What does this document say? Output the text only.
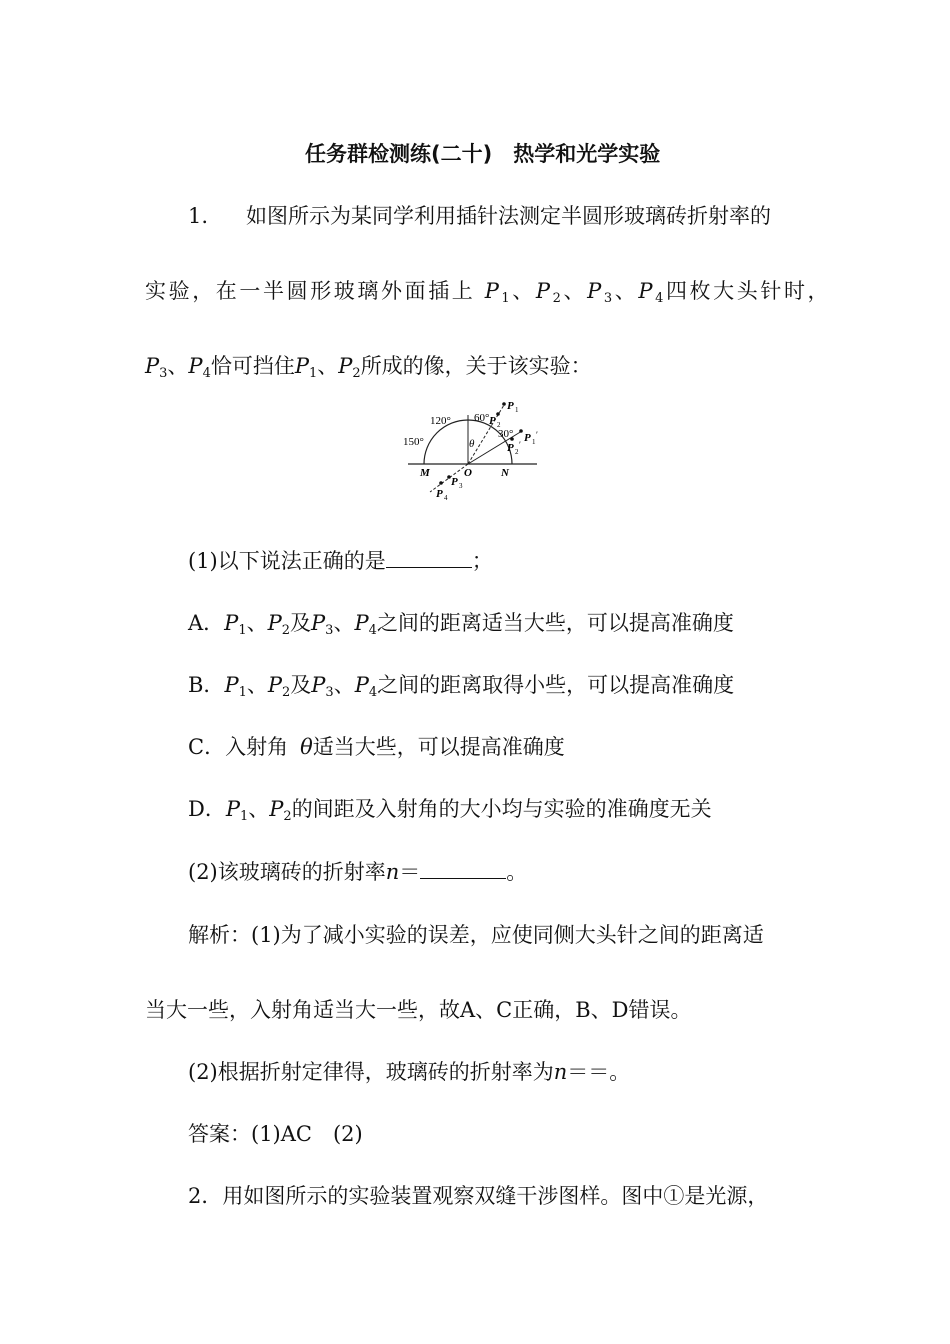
任务群检测练(二十)　热学和光学实验
1. 如图所示为某同学利用插针法测定半圆形玻璃砖折射率的
实验，在一半圆形玻璃外面插上 $P_1$、$P_2$、$P_3$、$P_4$四枚大头针时，
$P_3$、$P_4$恰可挡住$P_1$、$P_2$所成的像，关于该实验：
150°
120° 60°
30°
θ
M	O	N
P 1
P 2
P 1
′
P 2
′
P 3
P 4
(1)以下说法正确的是	；
A．$P_1$、$P_2$及$P_3$、$P_4$之间的距离适当大些，可以提高准确度
B．$P_1$、$P_2$及$P_3$、$P_4$之间的距离取得小些，可以提高准确度
C．入射角 θ适当大些，可以提高准确度
D．$P_1$、$P_2$的间距及入射角的大小均与实验的准确度无关
(2)该玻璃砖的折射率n＝	。
解析：(1)为了减小实验的误差，应使同侧大头针之间的距离适
当大一些，入射角适当大一些，故A、C正确，B、D错误。
(2)根据折射定律得，玻璃砖的折射率为n＝＝。
答案：(1)AC　(2)
2．用如图所示的实验装置观察双缝干涉图样。图中①是光源，
